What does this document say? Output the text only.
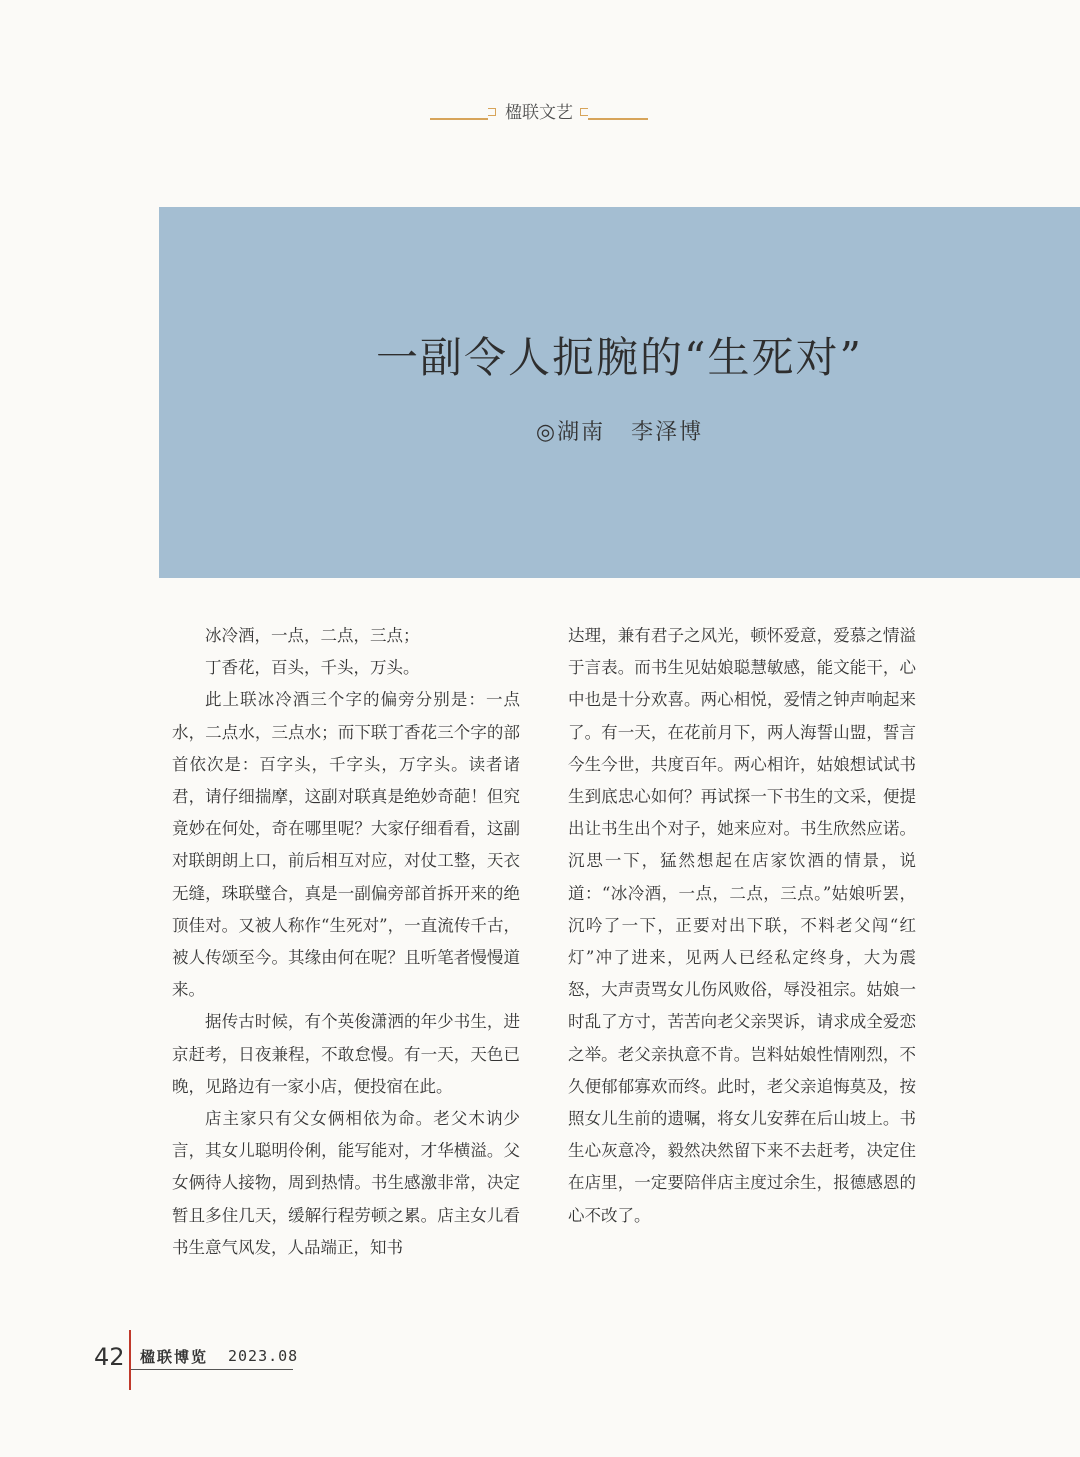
楹联文艺
一副令人扼腕的“生死对”
◎湖南 李泽博

冰冷酒，一点，二点，三点；

丁香花，百头，千头，万头。

此上联冰冷酒三个字的偏旁分别是：一点水，二点水，三点水；而下联丁香花三个字的部首依次是：百字头，千字头，万字头。读者诸君，请仔细揣摩，这副对联真是绝妙奇葩！但究竟妙在何处，奇在哪里呢？大家仔细看看，这副对联朗朗上口，前后相互对应，对仗工整，天衣无缝，珠联璧合，真是一副偏旁部首拆开来的绝顶佳对。又被人称作“生死对”，一直流传千古，被人传颂至今。其缘由何在呢？且听笔者慢慢道来。

据传古时候，有个英俊潇洒的年少书生，进京赶考，日夜兼程，不敢怠慢。有一天，天色已晚，见路边有一家小店，便投宿在此。

店主家只有父女俩相依为命。老父木讷少言，其女儿聪明伶俐，能写能对，才华横溢。父女俩待人接物，周到热情。书生感激非常，决定暂且多住几天，缓解行程劳顿之累。店主女儿看书生意气风发，人品端正，知书

达理，兼有君子之风光，顿怀爱意，爱慕之情溢于言表。而书生见姑娘聪慧敏感，能文能干，心中也是十分欢喜。两心相悦，爱情之钟声响起来了。有一天，在花前月下，两人海誓山盟，誓言今生今世，共度百年。两心相许，姑娘想试试书生到底忠心如何？再试探一下书生的文采，便提出让书生出个对子，她来应对。书生欣然应诺。沉思一下，猛然想起在店家饮酒的情景，说道：“冰冷酒，一点，二点，三点。”姑娘听罢，沉吟了一下，正要对出下联，不料老父闯“红灯”冲了进来，见两人已经私定终身，大为震怒，大声责骂女儿伤风败俗，辱没祖宗。姑娘一时乱了方寸，苦苦向老父亲哭诉，请求成全爱恋之举。老父亲执意不肯。岂料姑娘性情刚烈，不久便郁郁寡欢而终。此时，老父亲追悔莫及，按照女儿生前的遗嘱，将女儿安葬在后山坡上。书生心灰意冷，毅然决然留下来不去赶考，决定住在店里，一定要陪伴店主度过余生，报德感恩的心不改了。

42 楹联博览 2023.08
